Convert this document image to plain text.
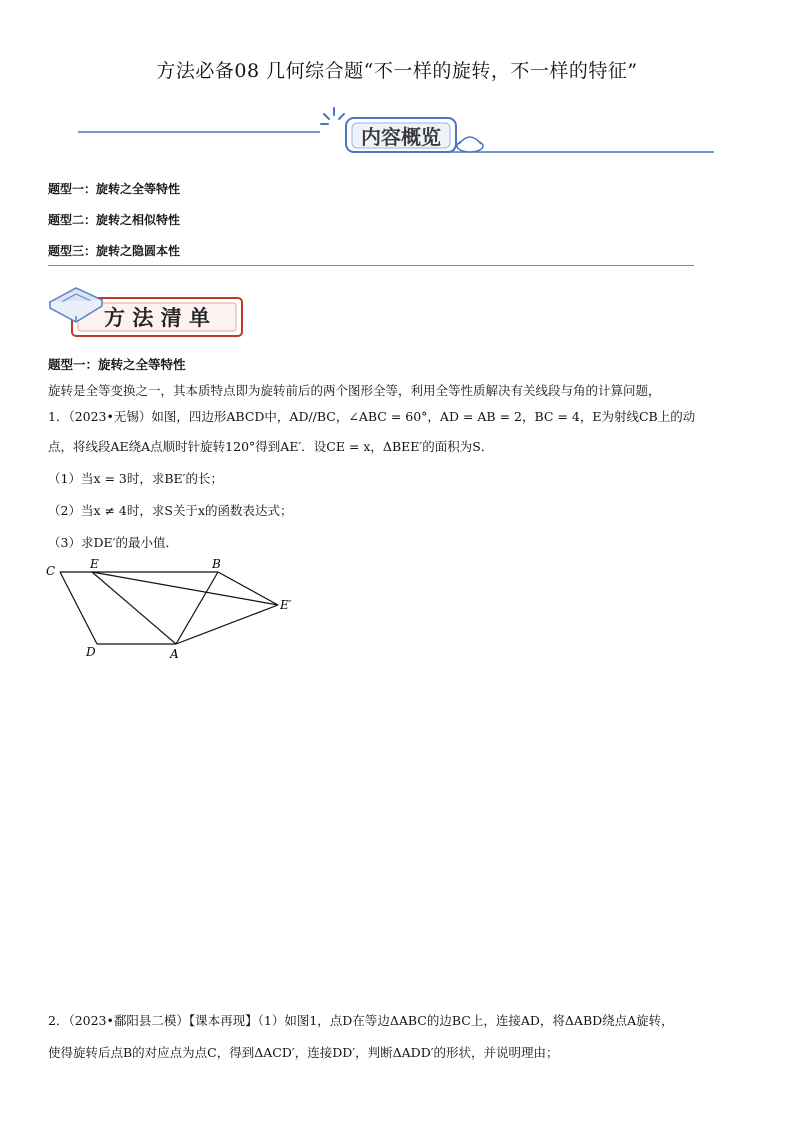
方法必备08 几何综合题“不一样的旋转，不一样的特征”
内容概览
题型一：旋转之全等特性
题型二：旋转之相似特性
题型三：旋转之隐圆本性
方 法 清 单
题型一：旋转之全等特性
旋转是全等变换之一，其本质特点即为旋转前后的两个图形全等，利用全等性质解决有关线段与角的计算问题，
1．（2023•无锡）如图，四边形ABCD中，AD//BC，∠ABC = 60°，AD = AB = 2，BC = 4，E为射线CB上的动
点，将线段AE绕A点顺时针旋转120°得到AE′．设CE = x，ΔBEE′的面积为S．
（1）当x = 3时，求BE′的长；
（2）当x ≠ 4时，求S关于x的函数表达式；
（3）求DE′的最小值．
C	E	B
E′
D	A
2．（2023•鄱阳县二模）【课本再现】（1）如图1，点D在等边ΔABC的边BC上，连接AD，将ΔABD绕点A旋转，
使得旋转后点B的对应点为点C，得到ΔACD′，连接DD′，判断ΔADD′的形状，并说明理由；
